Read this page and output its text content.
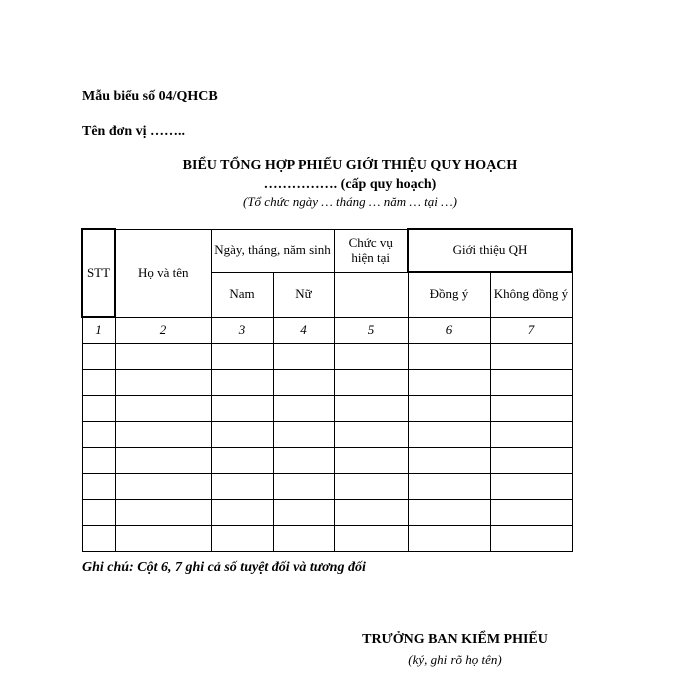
Mẫu biểu số 04/QHCB
Tên đơn vị ……..
BIỂU TỔNG HỢP PHIẾU GIỚI THIỆU QUY HOẠCH
……………. (cấp quy hoạch)
(Tổ chức ngày … tháng … năm … tại …)
STT	Họ và tên	Ngày, tháng, năm sinh		Chức vụ hiện tại	Giới thiệu QH	
		Nam	Nữ		Đồng ý	Không đồng ý
1	2	3	4	5	6	7

Ghi chú: Cột 6, 7 ghi cả số tuyệt đối và tương đối
TRƯỞNG BAN KIỂM PHIẾU
(ký, ghi rõ họ tên)
